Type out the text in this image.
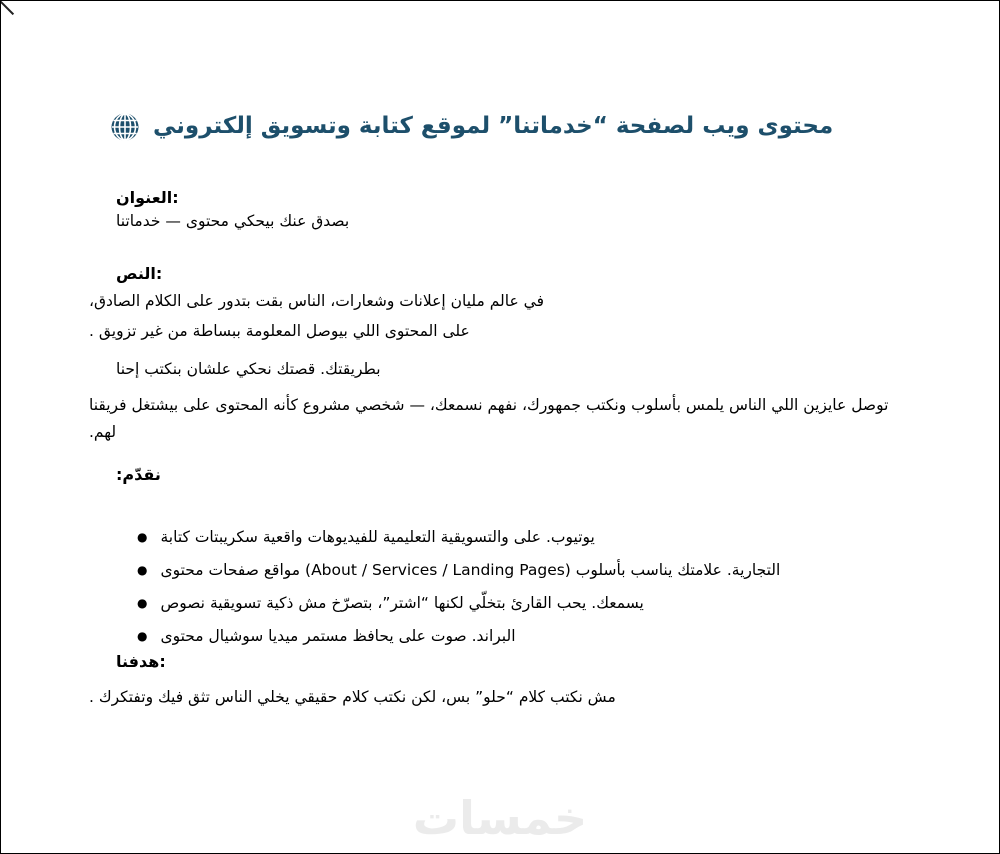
محتوى ويب لصفحة “خدماتنا” لموقع كتابة وتسويق إلكتروني
العنوان:
خدماتنا — محتوى بيحكي عنك بصدق
النص:
في عالم مليان إعلانات وشعارات، الناس بقت بتدور على الكلام الصادق،
على المحتوى اللي بيوصل المعلومة ببساطة من غير تزويق .
إحنا بنكتب علشان نحكي قصتك بطريقتك.
فريقنا بيشتغل على المحتوى كأنه مشروع شخصي — نسمعك، نفهم جمهورك، ونكتب بأسلوب يلمس الناس اللي عايزين توصل
لهم.
نقدّم:
● كتابة سكريبتات واقعية للفيديوهات التعليمية والتسويقية على يوتيوب.
● محتوى صفحات مواقع (About / Services / Landing Pages) بأسلوب يناسب علامتك التجارية.
● نصوص تسويقية ذكية مش بتصرّخ “اشتر”، لكنها بتخلّي القارئ يحب يسمعك.
● محتوى سوشيال ميديا مستمر يحافظ على صوت البراند.
هدفنا:
مش نكتب كلام “حلو” بس، لكن نكتب كلام حقيقي يخلي الناس تثق فيك وتفتكرك .
خمسات
